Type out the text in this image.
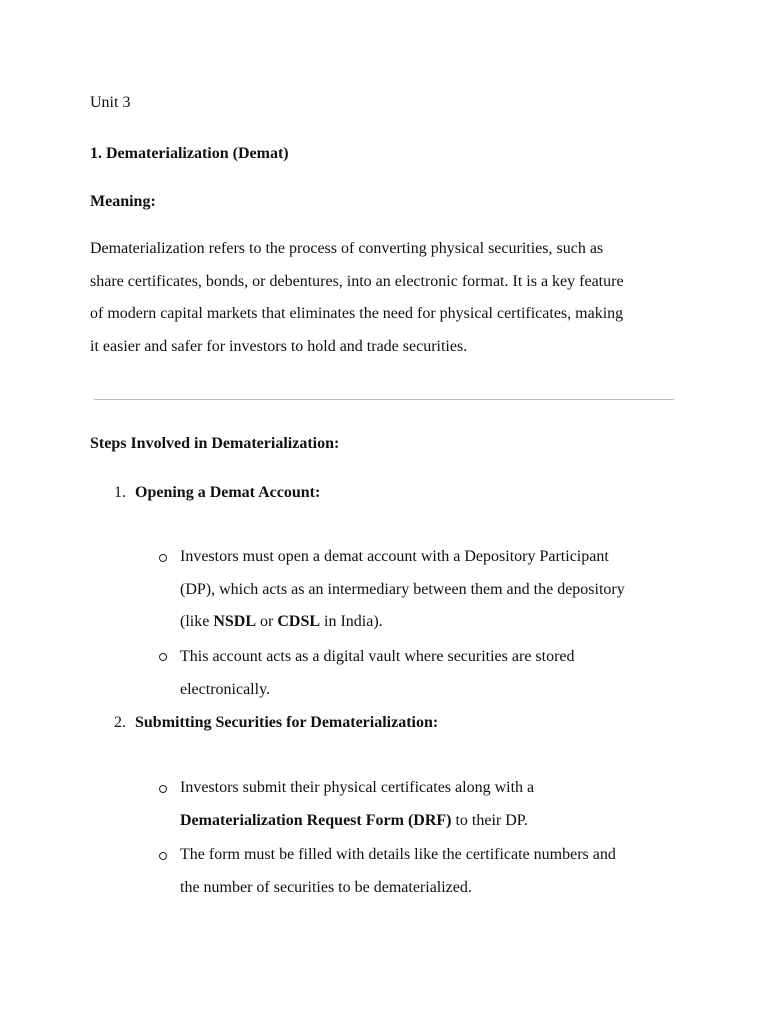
Unit 3

1. Dematerialization (Demat)

Meaning:

Dematerialization refers to the process of converting physical securities, such as
share certificates, bonds, or debentures, into an electronic format. It is a key feature
of modern capital markets that eliminates the need for physical certificates, making
it easier and safer for investors to hold and trade securities.

Steps Involved in Dematerialization:

1. Opening a Demat Account:
Investors must open a demat account with a Depository Participant
(DP), which acts as an intermediary between them and the depository
(like NSDL or CDSL in India).
This account acts as a digital vault where securities are stored
electronically.
2. Submitting Securities for Dematerialization:
Investors submit their physical certificates along with a
Dematerialization Request Form (DRF) to their DP.
The form must be filled with details like the certificate numbers and
the number of securities to be dematerialized.
